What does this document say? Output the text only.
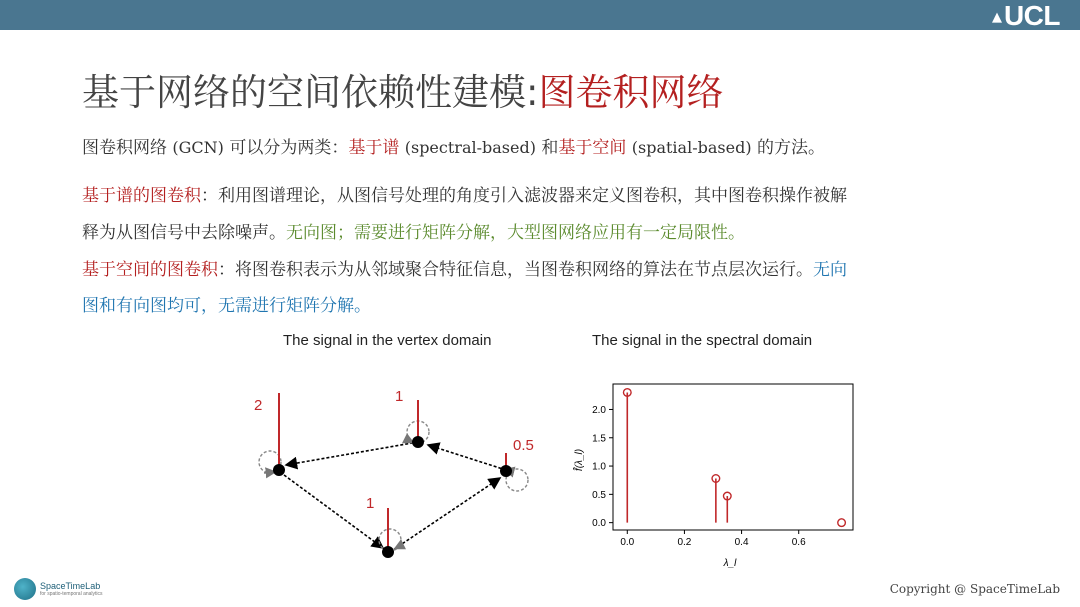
▲ UCL
基于网络的空间依赖性建模:图卷积网络
图卷积网络 (GCN) 可以分为两类：基于谱 (spectral-based) 和基于空间 (spatial-based) 的方法。
基于谱的图卷积：利用图谱理论，从图信号处理的角度引入滤波器来定义图卷积，其中图卷积操作被解
释为从图信号中去除噪声。无向图；需要进行矩阵分解，大型图网络应用有一定局限性。
基于空间的图卷积：将图卷积表示为从邻域聚合特征信息，当图卷积网络的算法在节点层次运行。无向
图和有向图均可，无需进行矩阵分解。
The signal in the vertex domain	The signal in the spectral domain
2
1
0.5
1
0.0	0.2	0.4	0.6
0.0
0.5
1.0
1.5
2.0
λ_l
f̂(λ_l)
SpaceTimeLab
for spatio-temporal analytics	Copyright @ SpaceTimeLab
